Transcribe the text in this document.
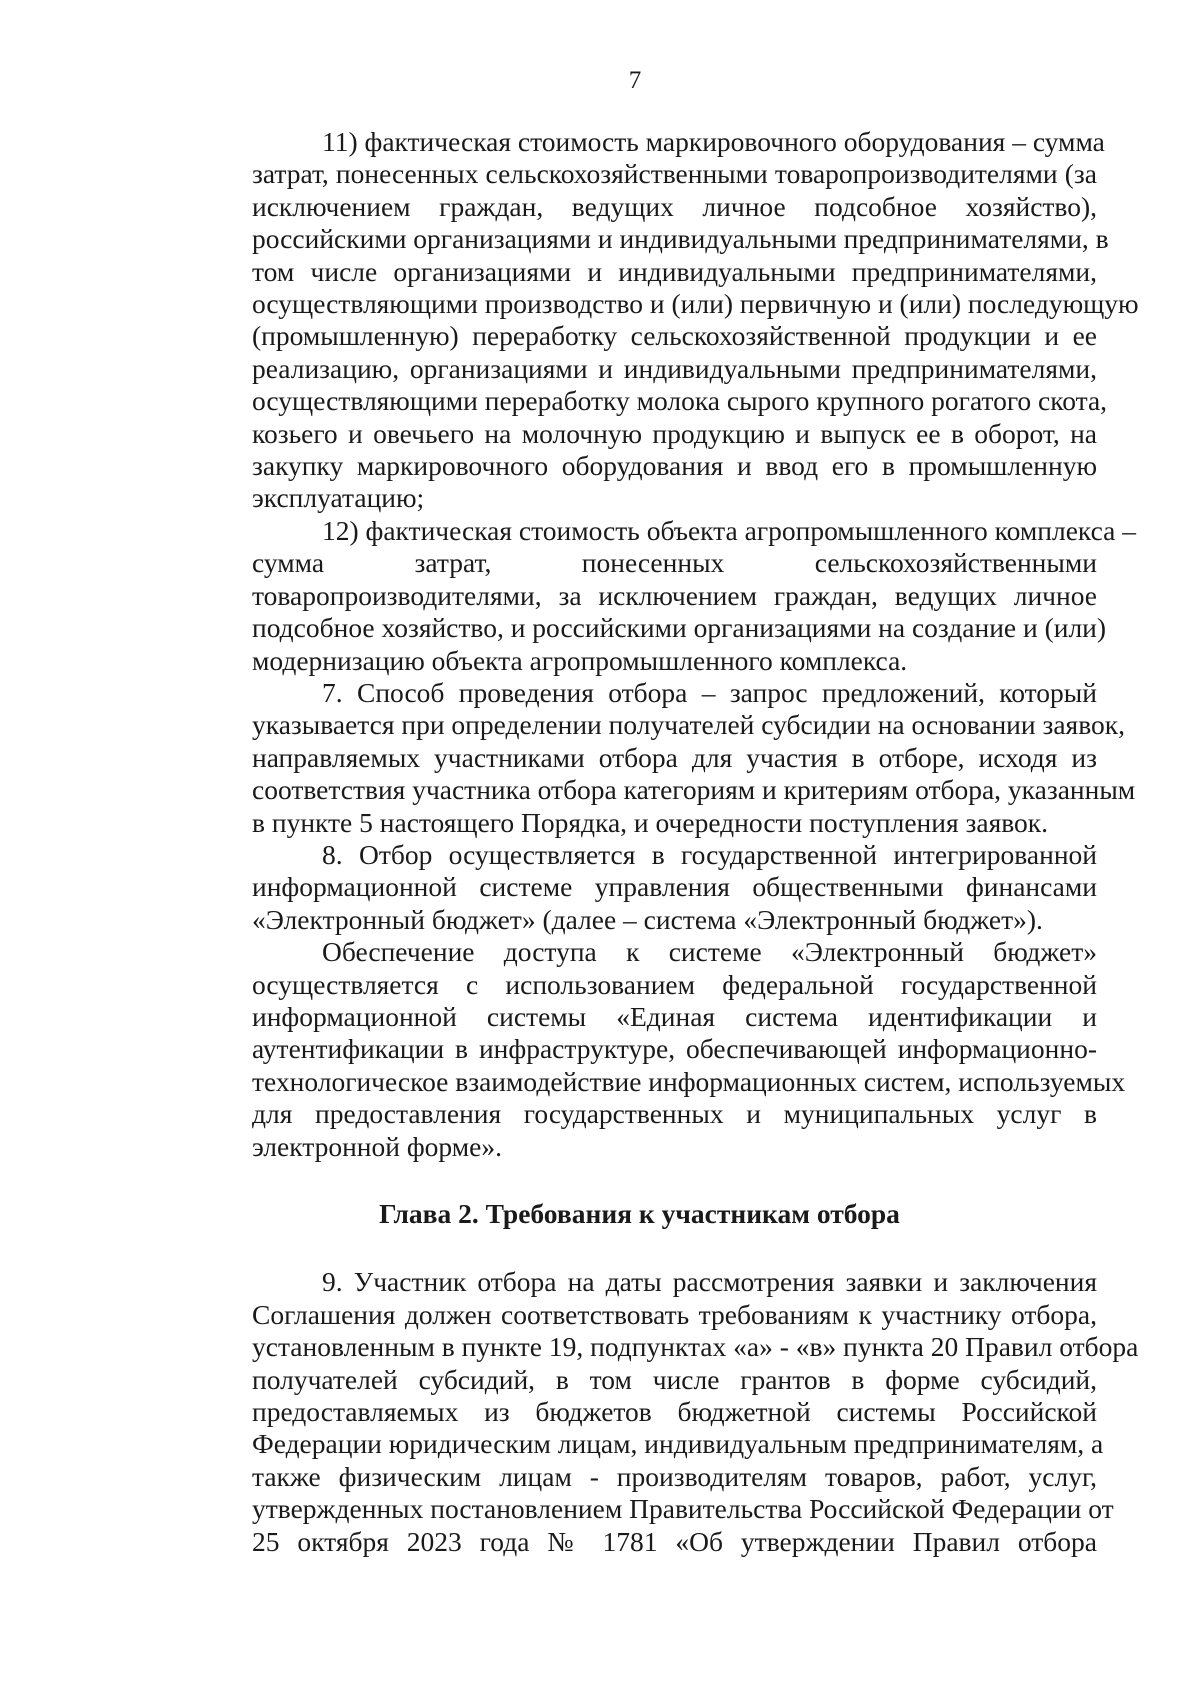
7

11) фактическая стоимость маркировочного оборудования – сумма
затрат, понесенных сельскохозяйственными товаропроизводителями (за
исключением граждан, ведущих личное подсобное хозяйство),
российскими организациями и индивидуальными предпринимателями, в
том числе организациями и индивидуальными предпринимателями,
осуществляющими производство и (или) первичную и (или) последующую
(промышленную) переработку сельскохозяйственной продукции и ее
реализацию, организациями и индивидуальными предпринимателями,
осуществляющими переработку молока сырого крупного рогатого скота,
козьего и овечьего на молочную продукцию и выпуск ее в оборот, на
закупку маркировочного оборудования и ввод его в промышленную
эксплуатацию;

12) фактическая стоимость объекта агропромышленного комплекса –
сумма затрат, понесенных сельскохозяйственными
товаропроизводителями, за исключением граждан, ведущих личное
подсобное хозяйство, и российскими организациями на создание и (или)
модернизацию объекта агропромышленного комплекса.

7. Способ проведения отбора – запрос предложений, который
указывается при определении получателей субсидии на основании заявок,
направляемых участниками отбора для участия в отборе, исходя из
соответствия участника отбора категориям и критериям отбора, указанным
в пункте 5 настоящего Порядка, и очередности поступления заявок.

8. Отбор осуществляется в государственной интегрированной
информационной системе управления общественными финансами
«Электронный бюджет» (далее – система «Электронный бюджет»).

Обеспечение доступа к системе «Электронный бюджет»
осуществляется с использованием федеральной государственной
информационной системы «Единая система идентификации и
аутентификации в инфраструктуре, обеспечивающей информационно-
технологическое взаимодействие информационных систем, используемых
для предоставления государственных и муниципальных услуг в
электронной форме».

Глава 2. Требования к участникам отбора

9. Участник отбора на даты рассмотрения заявки и заключения
Соглашения должен соответствовать требованиям к участнику отбора,
установленным в пункте 19, подпунктах «а» - «в» пункта 20 Правил отбора
получателей субсидий, в том числе грантов в форме субсидий,
предоставляемых из бюджетов бюджетной системы Российской
Федерации юридическим лицам, индивидуальным предпринимателям, а
также физическим лицам - производителям товаров, работ, услуг,
утвержденных постановлением Правительства Российской Федерации от
25 октября 2023 года № 1781 «Об утверждении Правил отбора
